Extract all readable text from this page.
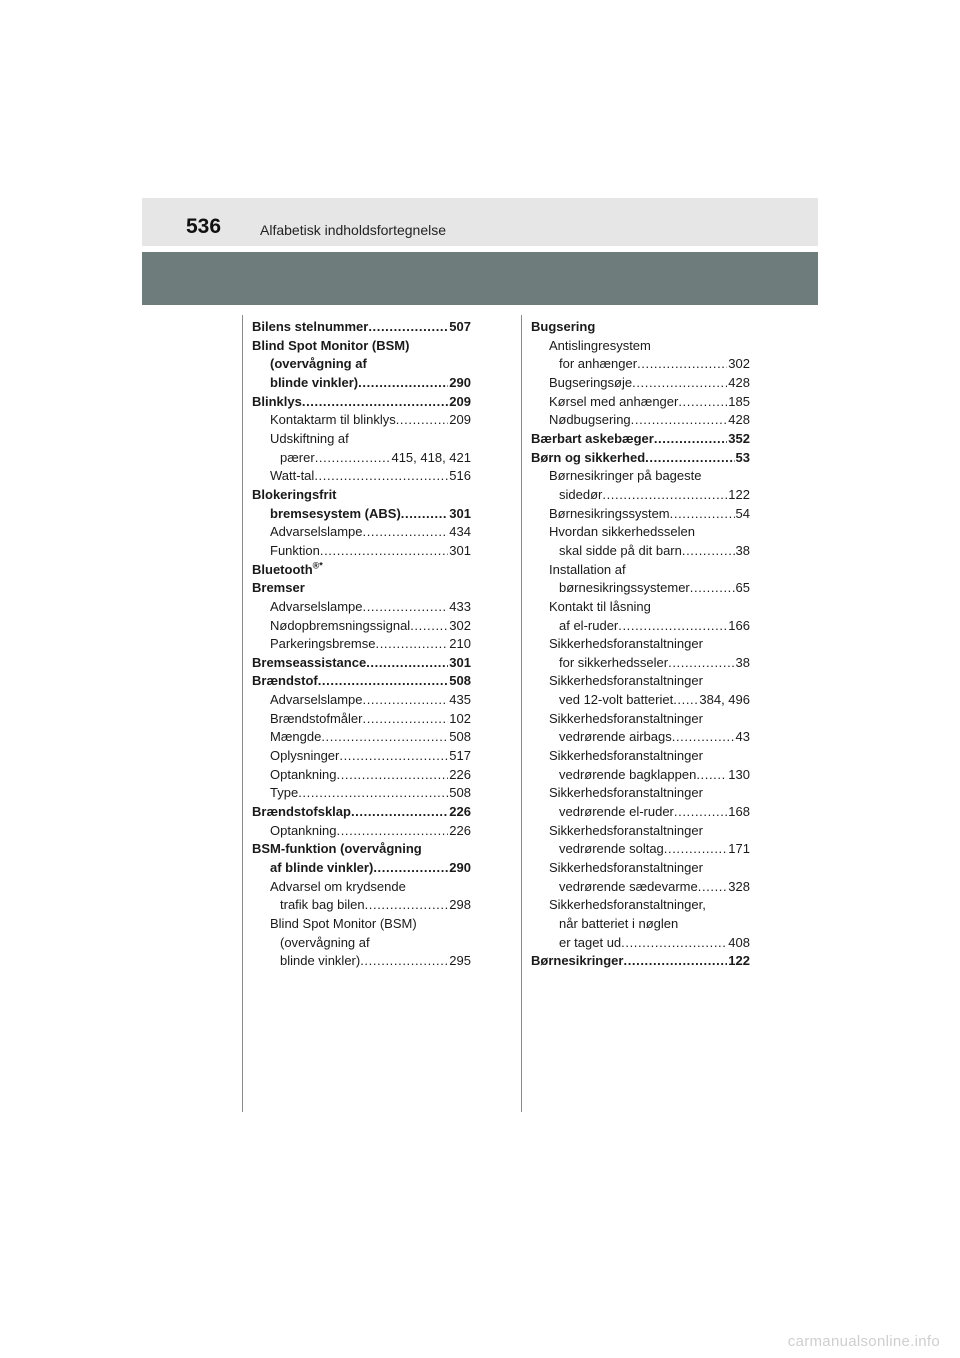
536	Alfabetisk indholdsfortegnelse
Bilens stelnummer .....	507
Blind Spot Monitor (BSM)
(overvågning af
blinde vinkler) .....	290
Blinklys .....	209
Kontaktarm til blinklys .....	209
Udskiftning af
pærer .....	415, 418, 421
Watt-tal .....	516
Blokeringsfrit
bremsesystem (ABS) .....	301
Advarselslampe .....	434
Funktion .....	301
Bluetooth®*
Bremser
Advarselslampe .....	433
Nødopbremsningssignal .....	302
Parkeringsbremse .....	210
Bremseassistance .....	301
Brændstof .....	508
Advarselslampe .....	435
Brændstofmåler .....	102
Mængde .....	508
Oplysninger .....	517
Optankning .....	226
Type .....	508
Brændstofsklap .....	226
Optankning .....	226
BSM-funktion (overvågning
af blinde vinkler) .....	290
Advarsel om krydsende
trafik bag bilen .....	298
Blind Spot Monitor (BSM)
(overvågning af
blinde vinkler) .....	295
Bugsering
Antislingresystem
for anhænger .....	302
Bugseringsøje .....	428
Kørsel med anhænger .....	185
Nødbugsering .....	428
Bærbart askebæger .....	352
Børn og sikkerhed .....	53
Børnesikringer på bageste
sidedør .....	122
Børnesikringssystem .....	54
Hvordan sikkerhedsselen
skal sidde på dit barn .....	38
Installation af
børnesikringssystemer .....	65
Kontakt til låsning
af el-ruder .....	166
Sikkerhedsforanstaltninger
for sikkerhedsseler .....	38
Sikkerhedsforanstaltninger
ved 12-volt batteriet ..... 384, 496
Sikkerhedsforanstaltninger
vedrørende airbags .....	43
Sikkerhedsforanstaltninger
vedrørende bagklappen ..... 130
Sikkerhedsforanstaltninger
vedrørende el-ruder .....	168
Sikkerhedsforanstaltninger
vedrørende soltag .....	171
Sikkerhedsforanstaltninger
vedrørende sædevarme ..... 328
Sikkerhedsforanstaltninger,
når batteriet i nøglen
er taget ud .....	408
Børnesikringer .....	122
carmanualsonline.info
